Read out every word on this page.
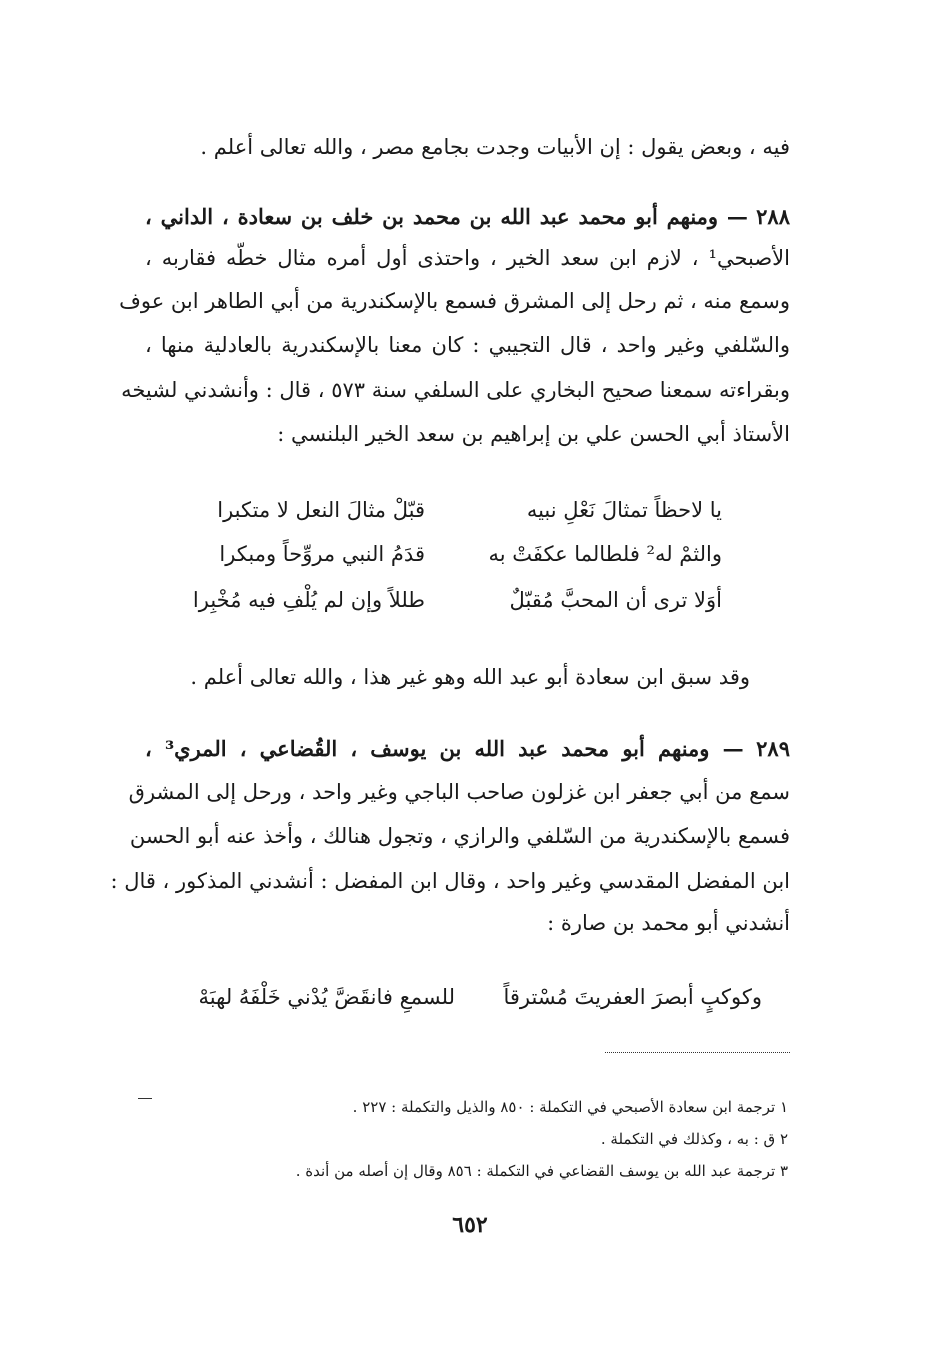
فيه ، وبعض يقول : إن الأبيات وجدت بجامع مصر ، والله تعالى أعلم .
٢٨٨ — ومنهم أبو محمد عبد الله بن محمد بن خلف بن سعادة ، الداني ،
الأصبحي¹ ، لازم ابن سعد الخير ، واحتذى أول أمره مثال خطّه فقاربه ،
وسمع منه ، ثم رحل إلى المشرق فسمع بالإسكندرية من أبي الطاهر ابن عوف
والسّلفي وغير واحد ، قال التجيبي : كان معنا بالإسكندرية بالعادلية منها ،
وبقراءته سمعنا صحيح البخاري على السلفي سنة ٥٧٣ ، قال : وأنشدني لشيخه
الأستاذ أبي الحسن علي بن إبراهيم بن سعد الخير البلنسي :
يا لاحظاً تمثالَ نَعْلِ نبيه
قبّلْ مثالَ النعل لا متكبرا
والثمْ له² فلطالما عكفَتْ به
قدَمُ النبي مروِّحاً ومبكرا
أوَلا ترى أن المحبَّ مُقبّلٌ
طللاً وإن لم يُلْفِ فيه مُخْبِرا
وقد سبق ابن سعادة أبو عبد الله وهو غير هذا ، والله تعالى أعلم .
٢٨٩ — ومنهم أبو محمد عبد الله بن يوسف ، القُضاعي ، المري³ ،
سمع من أبي جعفر ابن غزلون صاحب الباجي وغير واحد ، ورحل إلى المشرق
فسمع بالإسكندرية من السّلفي والرازي ، وتجول هنالك ، وأخذ عنه أبو الحسن
ابن المفضل المقدسي وغير واحد ، وقال ابن المفضل : أنشدني المذكور ، قال :
أنشدني أبو محمد بن صارة :
وكوكبٍ أبصرَ العفريتَ مُسْترقاً
للسمعِ فانقَضَّ يُدْني خَلْفَهُ لهبَهْ
١ ترجمة ابن سعادة الأصبحي في التكملة : ٨٥٠ والذيل والتكملة : ٢٢٧ .
٢ ق : به ، وكذلك في التكملة .
٣ ترجمة عبد الله بن يوسف القضاعي في التكملة : ٨٥٦ وقال إن أصله من أندة .
٦٥٢
